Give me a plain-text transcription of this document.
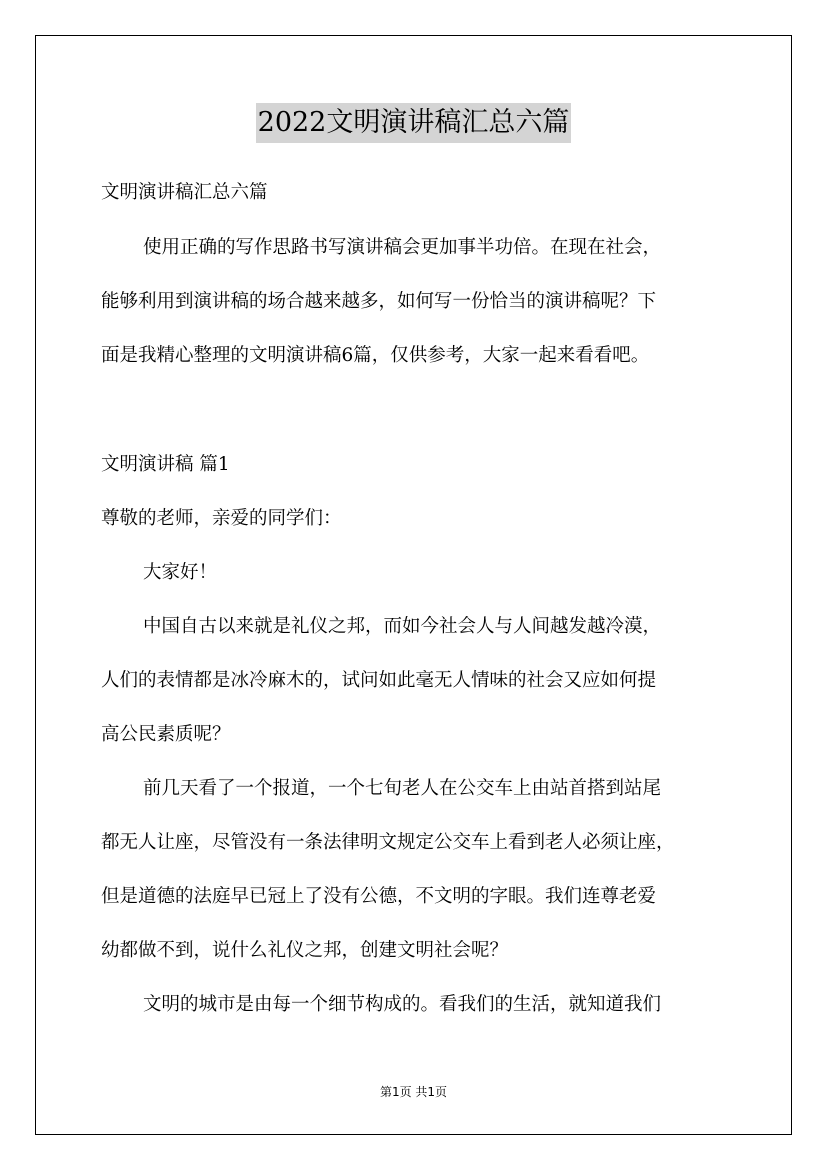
2022文明演讲稿汇总六篇
文明演讲稿汇总六篇
使用正确的写作思路书写演讲稿会更加事半功倍。在现在社会，
能够利用到演讲稿的场合越来越多，如何写一份恰当的演讲稿呢？下
面是我精心整理的文明演讲稿6篇，仅供参考，大家一起来看看吧。
文明演讲稿 篇1
尊敬的老师，亲爱的同学们：
大家好！
中国自古以来就是礼仪之邦，而如今社会人与人间越发越冷漠，
人们的表情都是冰冷麻木的，试问如此毫无人情味的社会又应如何提
高公民素质呢？
前几天看了一个报道，一个七旬老人在公交车上由站首搭到站尾
都无人让座，尽管没有一条法律明文规定公交车上看到老人必须让座，
但是道德的法庭早已冠上了没有公德，不文明的字眼。我们连尊老爱
幼都做不到，说什么礼仪之邦，创建文明社会呢？
文明的城市是由每一个细节构成的。看我们的生活，就知道我们
第1页 共1页
